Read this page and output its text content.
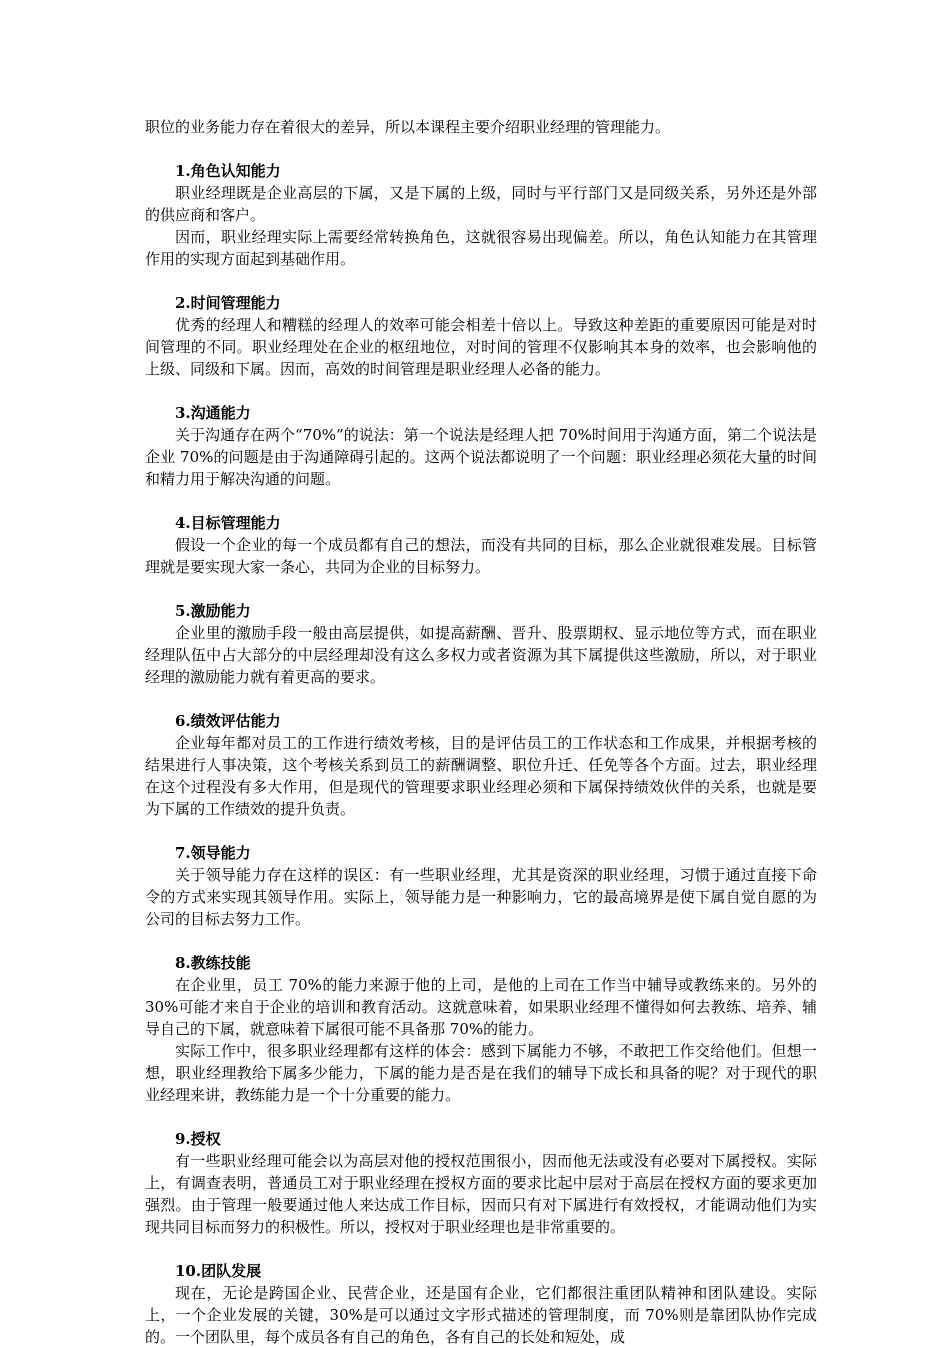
职位的业务能力存在着很大的差异，所以本课程主要介绍职业经理的管理能力。

1.角色认知能力

职业经理既是企业高层的下属，又是下属的上级，同时与平行部门又是同级关系，另外还是外部的供应商和客户。

因而，职业经理实际上需要经常转换角色，这就很容易出现偏差。所以，角色认知能力在其管理作用的实现方面起到基础作用。

2.时间管理能力

优秀的经理人和糟糕的经理人的效率可能会相差十倍以上。导致这种差距的重要原因可能是对时间管理的不同。职业经理处在企业的枢纽地位，对时间的管理不仅影响其本身的效率，也会影响他的上级、同级和下属。因而，高效的时间管理是职业经理人必备的能力。

3.沟通能力

关于沟通存在两个“70%”的说法：第一个说法是经理人把 70%时间用于沟通方面，第二个说法是企业 70%的问题是由于沟通障碍引起的。这两个说法都说明了一个问题：职业经理必须花大量的时间和精力用于解决沟通的问题。

4.目标管理能力

假设一个企业的每一个成员都有自己的想法，而没有共同的目标，那么企业就很难发展。目标管理就是要实现大家一条心，共同为企业的目标努力。

5.激励能力

企业里的激励手段一般由高层提供，如提高薪酬、晋升、股票期权、显示地位等方式，而在职业经理队伍中占大部分的中层经理却没有这么多权力或者资源为其下属提供这些激励，所以，对于职业经理的激励能力就有着更高的要求。

6.绩效评估能力

企业每年都对员工的工作进行绩效考核，目的是评估员工的工作状态和工作成果，并根据考核的结果进行人事决策，这个考核关系到员工的薪酬调整、职位升迁、任免等各个方面。过去，职业经理在这个过程没有多大作用，但是现代的管理要求职业经理必须和下属保持绩效伙伴的关系，也就是要为下属的工作绩效的提升负责。

7.领导能力

关于领导能力存在这样的误区：有一些职业经理，尤其是资深的职业经理，习惯于通过直接下命令的方式来实现其领导作用。实际上，领导能力是一种影响力，它的最高境界是使下属自觉自愿的为公司的目标去努力工作。

8.教练技能

在企业里，员工 70%的能力来源于他的上司，是他的上司在工作当中辅导或教练来的。另外的 30%可能才来自于企业的培训和教育活动。这就意味着，如果职业经理不懂得如何去教练、培养、辅导自己的下属，就意味着下属很可能不具备那 70%的能力。

实际工作中，很多职业经理都有这样的体会：感到下属能力不够，不敢把工作交给他们。但想一想，职业经理教给下属多少能力，下属的能力是否是在我们的辅导下成长和具备的呢？对于现代的职业经理来讲，教练能力是一个十分重要的能力。

9.授权

有一些职业经理可能会以为高层对他的授权范围很小，因而他无法或没有必要对下属授权。实际上，有调查表明，普通员工对于职业经理在授权方面的要求比起中层对于高层在授权方面的要求更加强烈。由于管理一般要通过他人来达成工作目标，因而只有对下属进行有效授权，才能调动他们为实现共同目标而努力的积极性。所以，授权对于职业经理也是非常重要的。

10.团队发展

现在，无论是跨国企业、民营企业，还是国有企业，它们都很注重团队精神和团队建设。实际上，一个企业发展的关键，30%是可以通过文字形式描述的管理制度，而 70%则是靠团队协作完成的。一个团队里，每个成员各有自己的角色，各有自己的长处和短处，成
